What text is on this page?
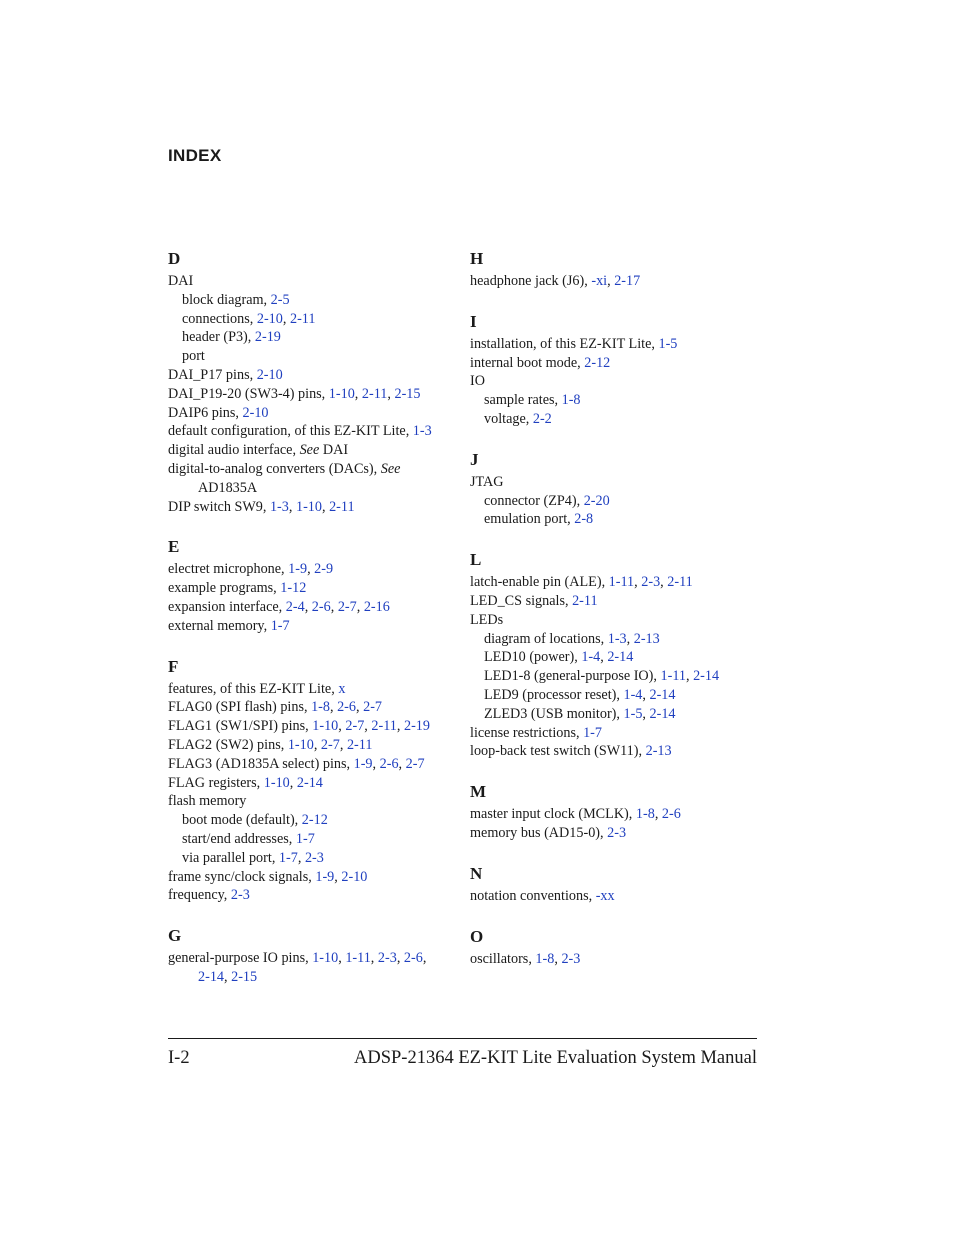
INDEX
D
DAI
block diagram, 2-5
connections, 2-10, 2-11
header (P3), 2-19
port
DAI_P17 pins, 2-10
DAI_P19-20 (SW3-4) pins, 1-10, 2-11, 2-15
DAIP6 pins, 2-10
default configuration, of this EZ-KIT Lite, 1-3
digital audio interface, See DAI
digital-to-analog converters (DACs), See
AD1835A
DIP switch SW9, 1-3, 1-10, 2-11
E
electret microphone, 1-9, 2-9
example programs, 1-12
expansion interface, 2-4, 2-6, 2-7, 2-16
external memory, 1-7
F
features, of this EZ-KIT Lite, x
FLAG0 (SPI flash) pins, 1-8, 2-6, 2-7
FLAG1 (SW1/SPI) pins, 1-10, 2-7, 2-11, 2-19
FLAG2 (SW2) pins, 1-10, 2-7, 2-11
FLAG3 (AD1835A select) pins, 1-9, 2-6, 2-7
FLAG registers, 1-10, 2-14
flash memory
boot mode (default), 2-12
start/end addresses, 1-7
via parallel port, 1-7, 2-3
frame sync/clock signals, 1-9, 2-10
frequency, 2-3
G
general-purpose IO pins, 1-10, 1-11, 2-3, 2-6,
2-14, 2-15
H
headphone jack (J6), -xi, 2-17
I
installation, of this EZ-KIT Lite, 1-5
internal boot mode, 2-12
IO
sample rates, 1-8
voltage, 2-2
J
JTAG
connector (ZP4), 2-20
emulation port, 2-8
L
latch-enable pin (ALE), 1-11, 2-3, 2-11
LED_CS signals, 2-11
LEDs
diagram of locations, 1-3, 2-13
LED10 (power), 1-4, 2-14
LED1-8 (general-purpose IO), 1-11, 2-14
LED9 (processor reset), 1-4, 2-14
ZLED3 (USB monitor), 1-5, 2-14
license restrictions, 1-7
loop-back test switch (SW11), 2-13
M
master input clock (MCLK), 1-8, 2-6
memory bus (AD15-0), 2-3
N
notation conventions, -xx
O
oscillators, 1-8, 2-3
I-2	ADSP-21364 EZ-KIT Lite Evaluation System Manual
